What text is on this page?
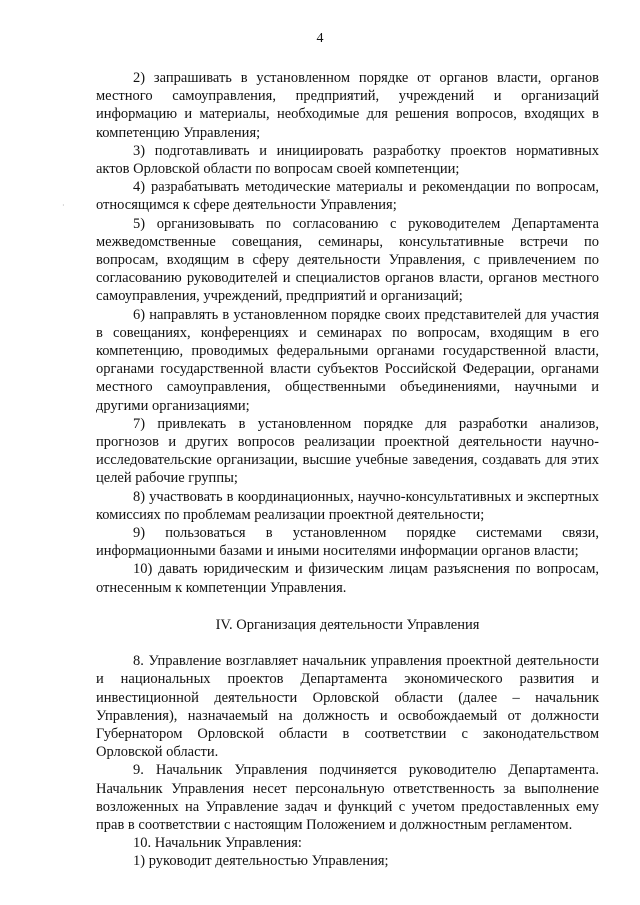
4
·

2) запрашивать в установленном порядке от органов власти, органов местного самоуправления, предприятий, учреждений и организаций информацию и материалы, необходимые для решения вопросов, входящих в компетенцию Управления;

3) подготавливать и инициировать разработку проектов нормативных актов Орловской области по вопросам своей компетенции;

4) разрабатывать методические материалы и рекомендации по вопросам, относящимся к сфере деятельности Управления;

5) организовывать по согласованию с руководителем Департамента межведомственные совещания, семинары, консультативные встречи по вопросам, входящим в сферу деятельности Управления, с привлечением по согласованию руководителей и специалистов органов власти, органов местного самоуправления, учреждений, предприятий и организаций;

6) направлять в установленном порядке своих представителей для участия в совещаниях, конференциях и семинарах по вопросам, входящим в его компетенцию, проводимых федеральными органами государственной власти, органами государственной власти субъектов Российской Федерации, органами местного самоуправления, общественными объединениями, научными и другими организациями;

7) привлекать в установленном порядке для разработки анализов, прогнозов и других вопросов реализации проектной деятельности научно-исследовательские организации, высшие учебные заведения, создавать для этих целей рабочие группы;

8) участвовать в координационных, научно-консультативных и экспертных комиссиях по проблемам реализации проектной деятельности;

9) пользоваться в установленном порядке системами связи, информационными базами и иными носителями информации органов власти;

10) давать юридическим и физическим лицам разъяснения по вопросам, отнесенным к компетенции Управления.

IV. Организация деятельности Управления

8. Управление возглавляет начальник управления проектной деятельности и национальных проектов Департамента экономического развития и инвестиционной деятельности Орловской области (далее – начальник Управления), назначаемый на должность и освобождаемый от должности Губернатором Орловской области в соответствии с законодательством Орловской области.

9. Начальник Управления подчиняется руководителю Департамента. Начальник Управления несет персональную ответственность за выполнение возложенных на Управление задач и функций с учетом предоставленных ему прав в соответствии с настоящим Положением и должностным регламентом.

10. Начальник Управления:

1) руководит деятельностью Управления;
